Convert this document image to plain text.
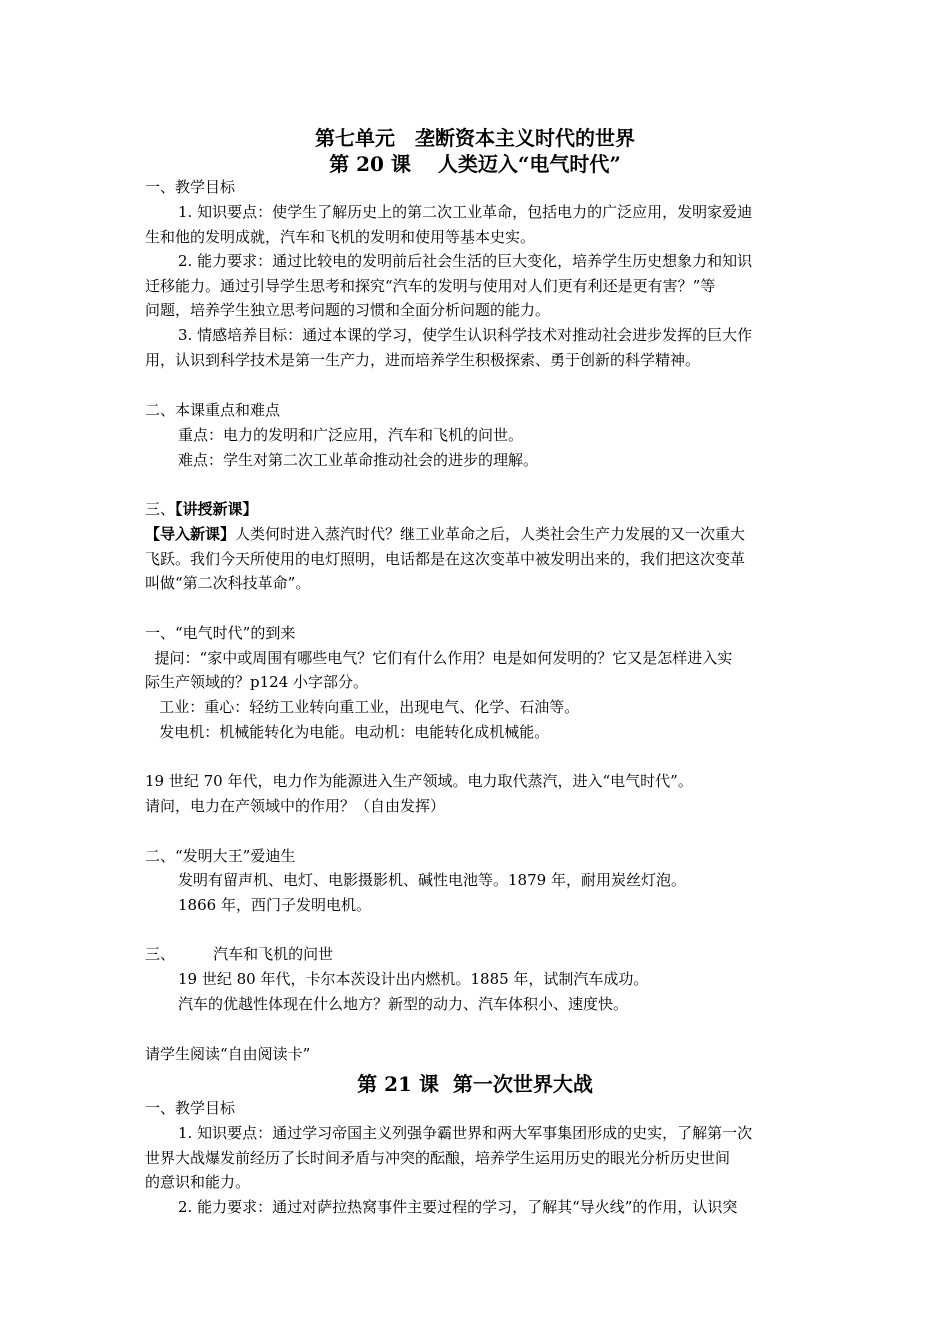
第七单元　垄断资本主义时代的世界
第 20 课　 人类迈入“电气时代”
一、教学目标
1. 知识要点：使学生了解历史上的第二次工业革命，包括电力的广泛应用，发明家爱迪
生和他的发明成就，汽车和飞机的发明和使用等基本史实。
2. 能力要求：通过比较电的发明前后社会生活的巨大变化，培养学生历史想象力和知识
迁移能力。通过引导学生思考和探究“汽车的发明与使用对人们更有利还是更有害？”等
问题，培养学生独立思考问题的习惯和全面分析问题的能力。
3. 情感培养目标：通过本课的学习，使学生认识科学技术对推动社会进步发挥的巨大作
用，认识到科学技术是第一生产力，进而培养学生积极探索、勇于创新的科学精神。
二、本课重点和难点
重点：电力的发明和广泛应用，汽车和飞机的问世。
难点：学生对第二次工业革命推动社会的进步的理解。
三、【讲授新课】
【导入新课】人类何时进入蒸汽时代？继工业革命之后，人类社会生产力发展的又一次重大
飞跃。我们今天所使用的电灯照明，电话都是在这次变革中被发明出来的，我们把这次变革
叫做“第二次科技革命”。
一、“电气时代”的到来
提问：“家中或周围有哪些电气？它们有什么作用？电是如何发明的？它又是怎样进入实
际生产领域的？p124 小字部分。
工业：重心：轻纺工业转向重工业，出现电气、化学、石油等。
发电机：机械能转化为电能。电动机：电能转化成机械能。
19 世纪 70 年代，电力作为能源进入生产领域。电力取代蒸汽，进入“电气时代”。
请问，电力在产领域中的作用？（自由发挥）
二、“发明大王”爱迪生
发明有留声机、电灯、电影摄影机、碱性电池等。1879 年，耐用炭丝灯泡。
1866 年，西门子发明电机。
三、        汽车和飞机的问世
19 世纪 80 年代，卡尔本茨设计出内燃机。1885 年，试制汽车成功。
汽车的优越性体现在什么地方？新型的动力、汽车体积小、速度快。
请学生阅读“自由阅读卡”
第 21 课  第一次世界大战
一、教学目标
1. 知识要点：通过学习帝国主义列强争霸世界和两大军事集团形成的史实，了解第一次
世界大战爆发前经历了长时间矛盾与冲突的酝酿，培养学生运用历史的眼光分析历史世间
的意识和能力。
2. 能力要求：通过对萨拉热窝事件主要过程的学习，了解其“导火线”的作用，认识突
